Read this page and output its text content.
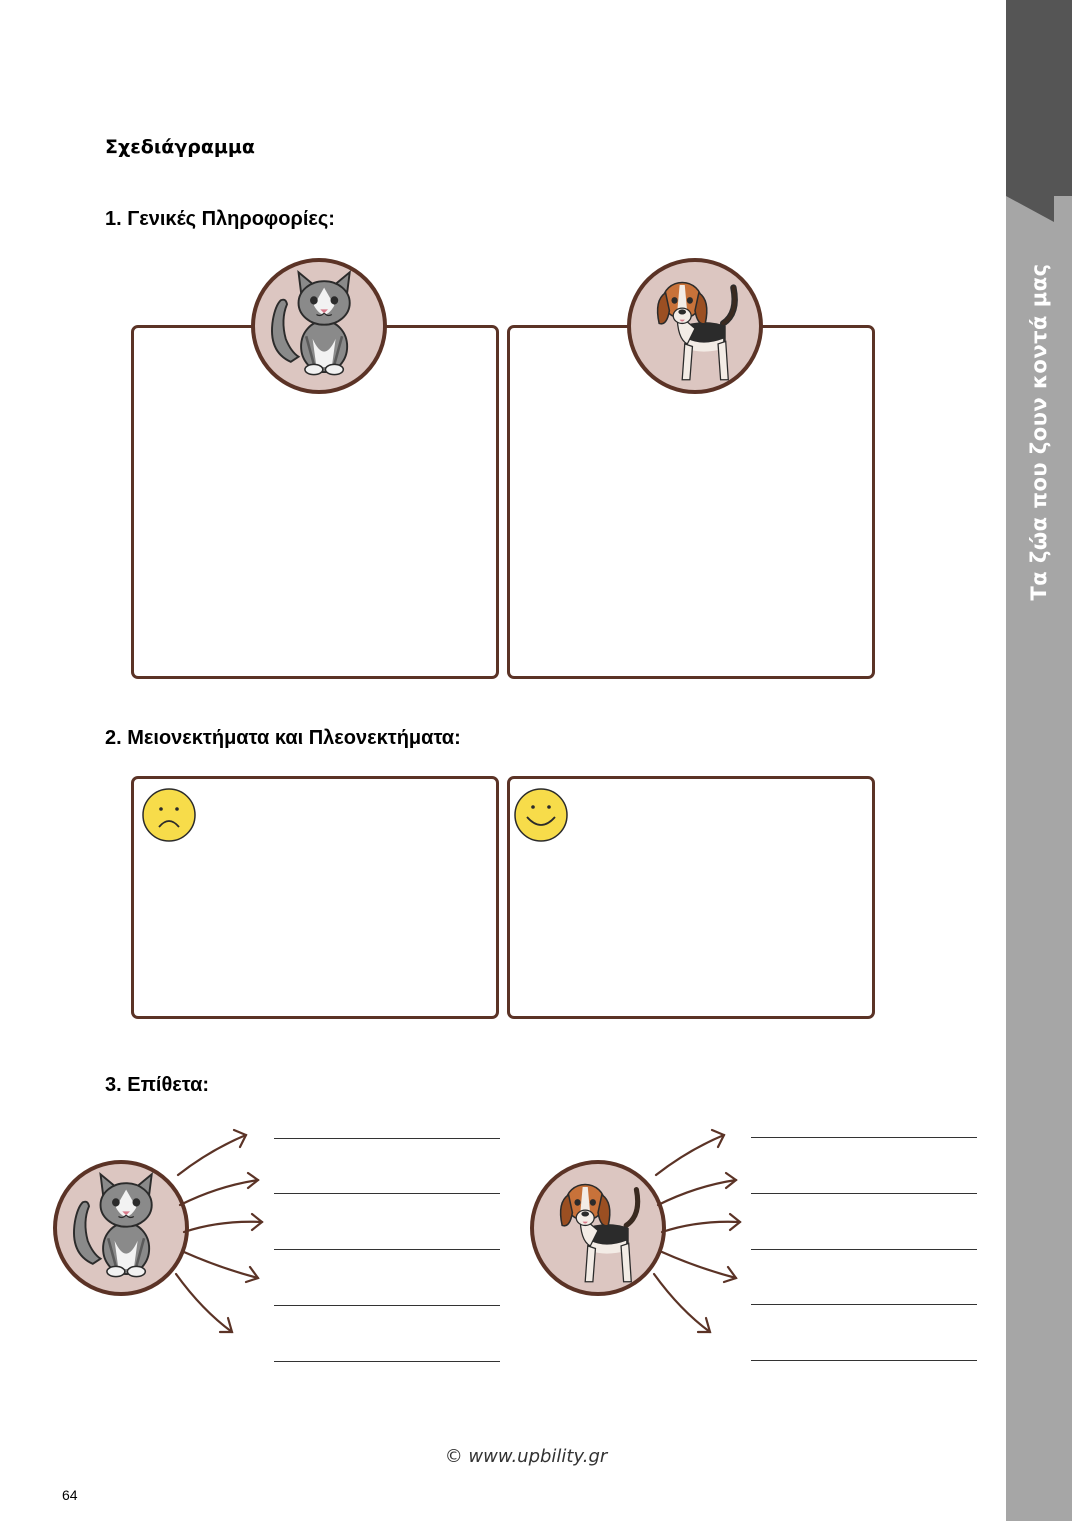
Τα ζώα που ζουν κοντά μας
Σχεδιάγραμμα
1. Γενικές Πληροφορίες:
2. Μειονεκτήματα και Πλεονεκτήματα:
3. Επίθετα:
© www.upbility.gr
64
